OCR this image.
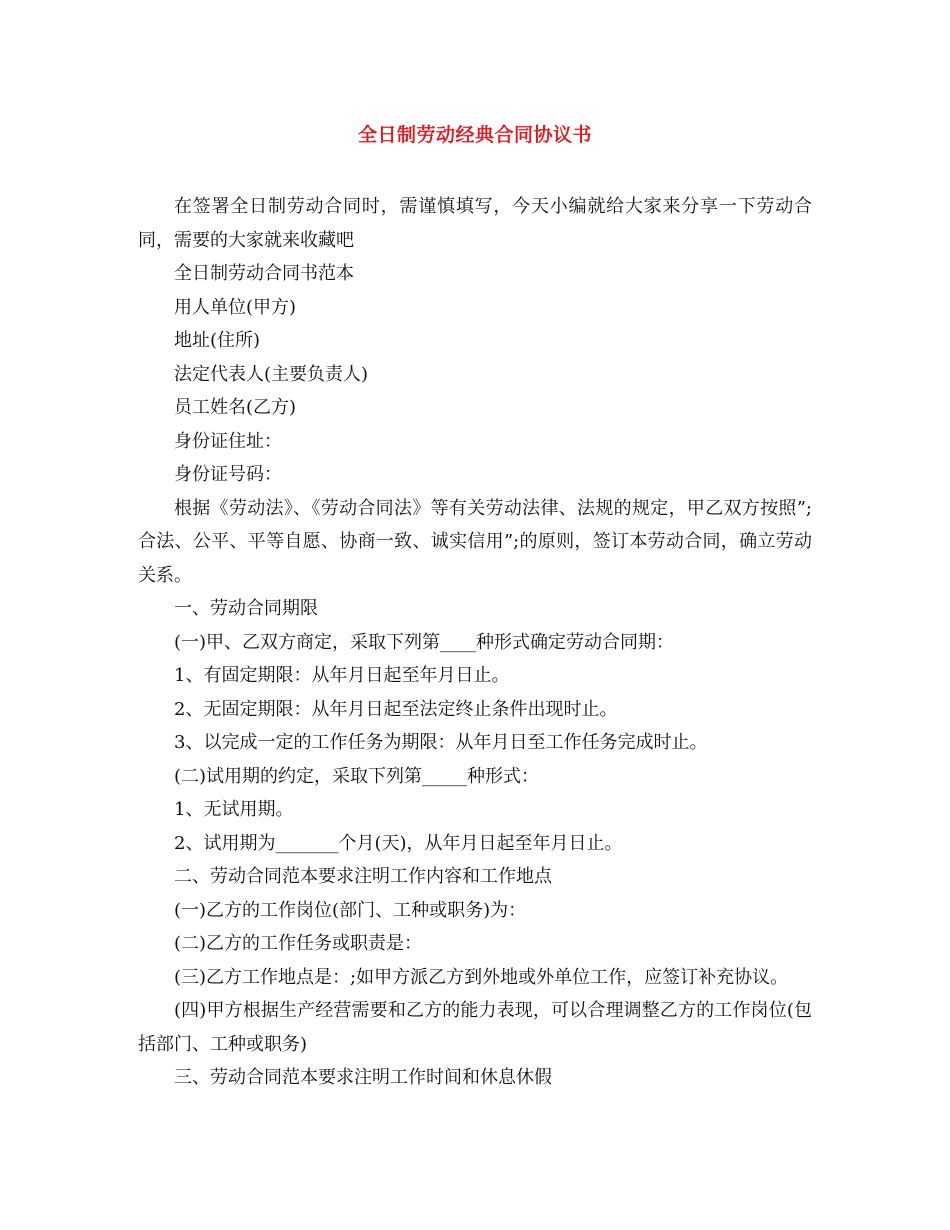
全日制劳动经典合同协议书

在签署全日制劳动合同时，需谨慎填写，今天小编就给大家来分享一下劳动合同，需要的大家就来收藏吧

全日制劳动合同书范本

用人单位(甲方)

地址(住所)

法定代表人(主要负责人)

员工姓名(乙方)

身份证住址：

身份证号码：

根据《劳动法》、《劳动合同法》等有关劳动法律、法规的规定，甲乙双方按照”;合法、公平、平等自愿、协商一致、诚实信用”;的原则，签订本劳动合同，确立劳动关系。

一、劳动合同期限

(一)甲、乙双方商定，采取下列第____种形式确定劳动合同期：

1、有固定期限：从年月日起至年月日止。

2、无固定期限：从年月日起至法定终止条件出现时止。

3、以完成一定的工作任务为期限：从年月日至工作任务完成时止。

(二)试用期的约定，采取下列第_____种形式：

1、无试用期。

2、试用期为_______个月(天)，从年月日起至年月日止。

二、劳动合同范本要求注明工作内容和工作地点

(一)乙方的工作岗位(部门、工种或职务)为：

(二)乙方的工作任务或职责是：

(三)乙方工作地点是：;如甲方派乙方到外地或外单位工作，应签订补充协议。

(四)甲方根据生产经营需要和乙方的能力表现，可以合理调整乙方的工作岗位(包括部门、工种或职务)

三、劳动合同范本要求注明工作时间和休息休假
